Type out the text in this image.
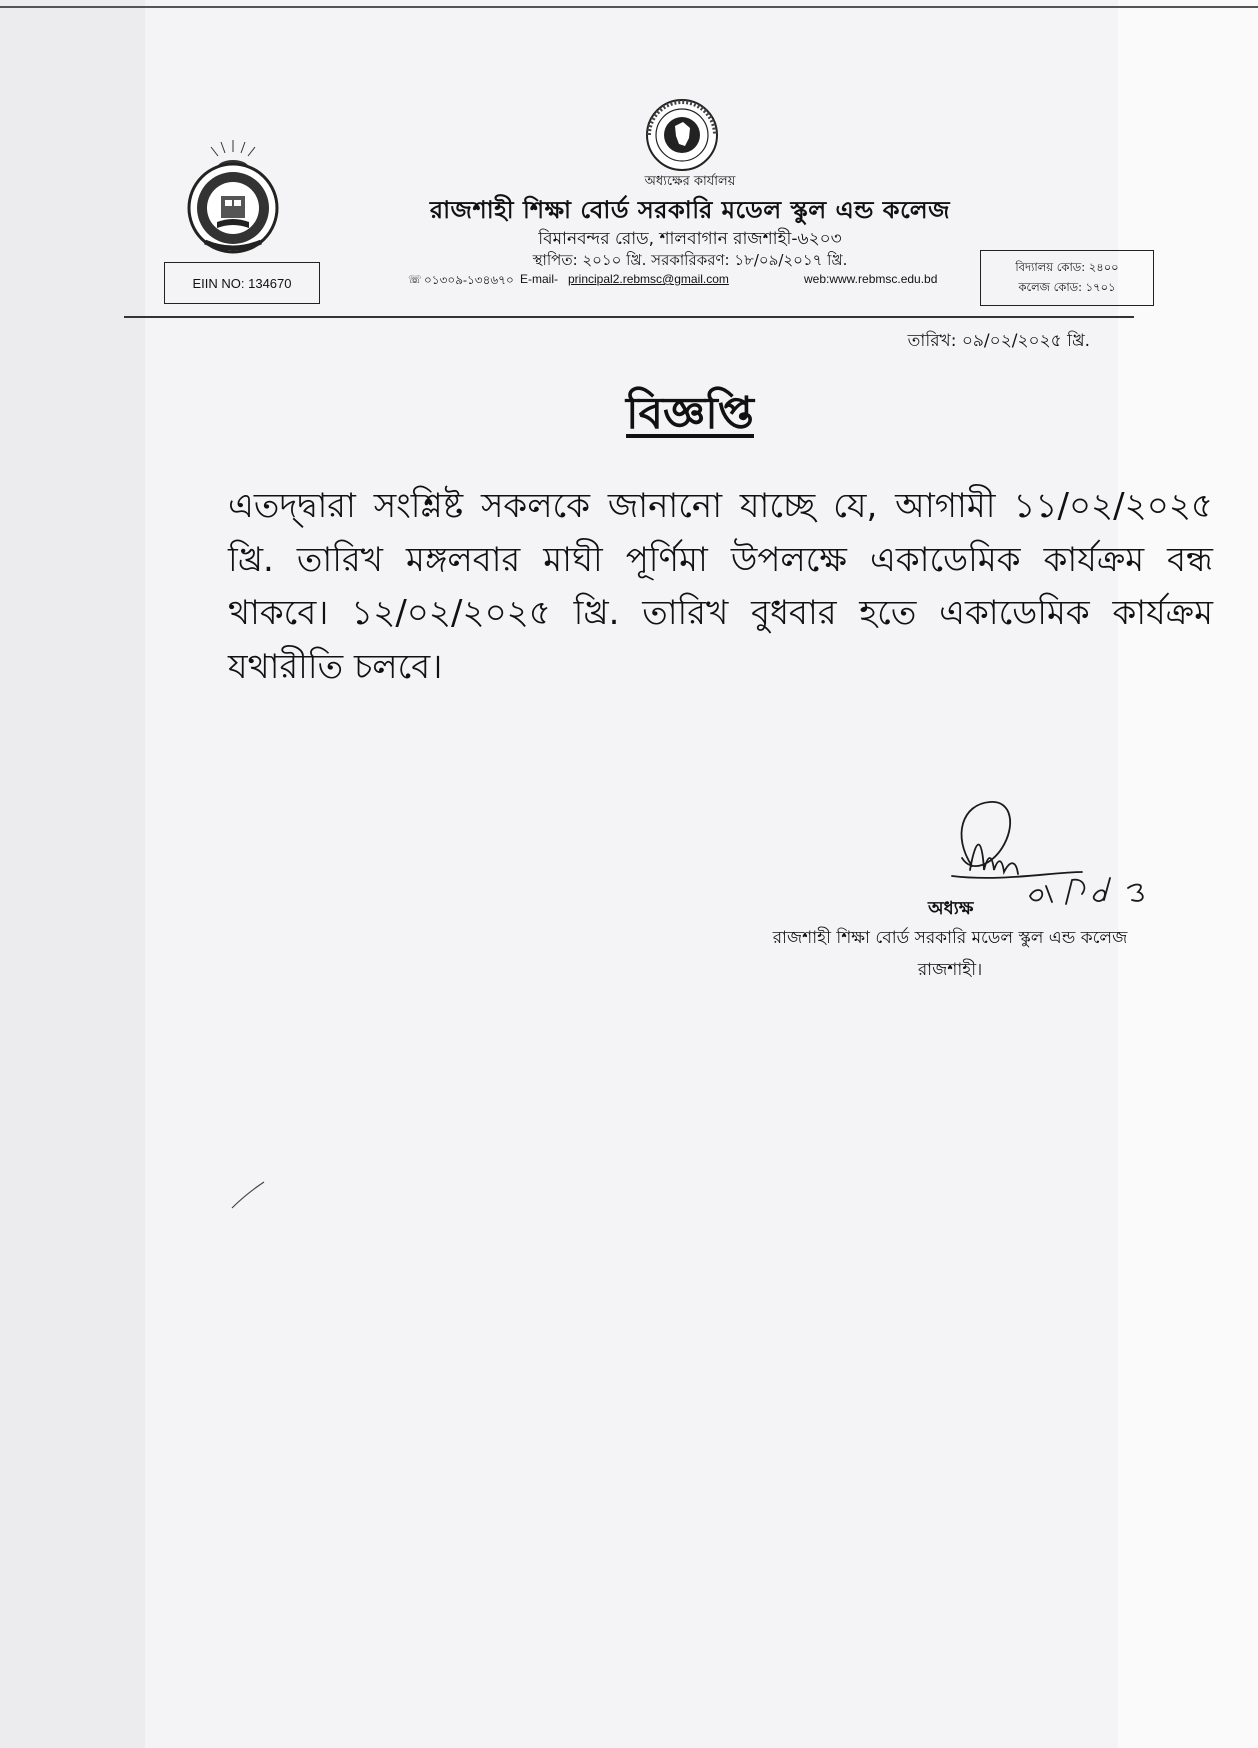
অধ্যক্ষের কার্যালয়
রাজশাহী শিক্ষা বোর্ড সরকারি মডেল স্কুল এন্ড কলেজ
বিমানবন্দর রোড, শালবাগান রাজশাহী-৬২০৩
স্থাপিত: ২০১০ খ্রি. সরকারিকরণ: ১৮/০৯/২০১৭ খ্রি.
EIIN NO: 134670	☏ ০১৩০৯-১৩৪৬৭০ E-mail- principal2.rebmsc@gmail.com	web:www.rebmsc.edu.bd
বিদ্যালয় কোড: ২৪০০
কলেজ কোড: ১৭০১
তারিখ: ০৯/০২/২০২৫ খ্রি.
বিজ্ঞপ্তি
এতদ্দ্বারা সংশ্লিষ্ট সকলকে জানানো যাচ্ছে যে, আগামী ১১/০২/২০২৫ খ্রি. তারিখ মঙ্গলবার মাঘী পূর্ণিমা উপলক্ষে একাডেমিক কার্যক্রম বন্ধ থাকবে। ১২/০২/২০২৫ খ্রি. তারিখ বুধবার হতে একাডেমিক কার্যক্রম যথারীতি চলবে।
অধ্যক্ষ
রাজশাহী শিক্ষা বোর্ড সরকারি মডেল স্কুল এন্ড কলেজ
রাজশাহী।
